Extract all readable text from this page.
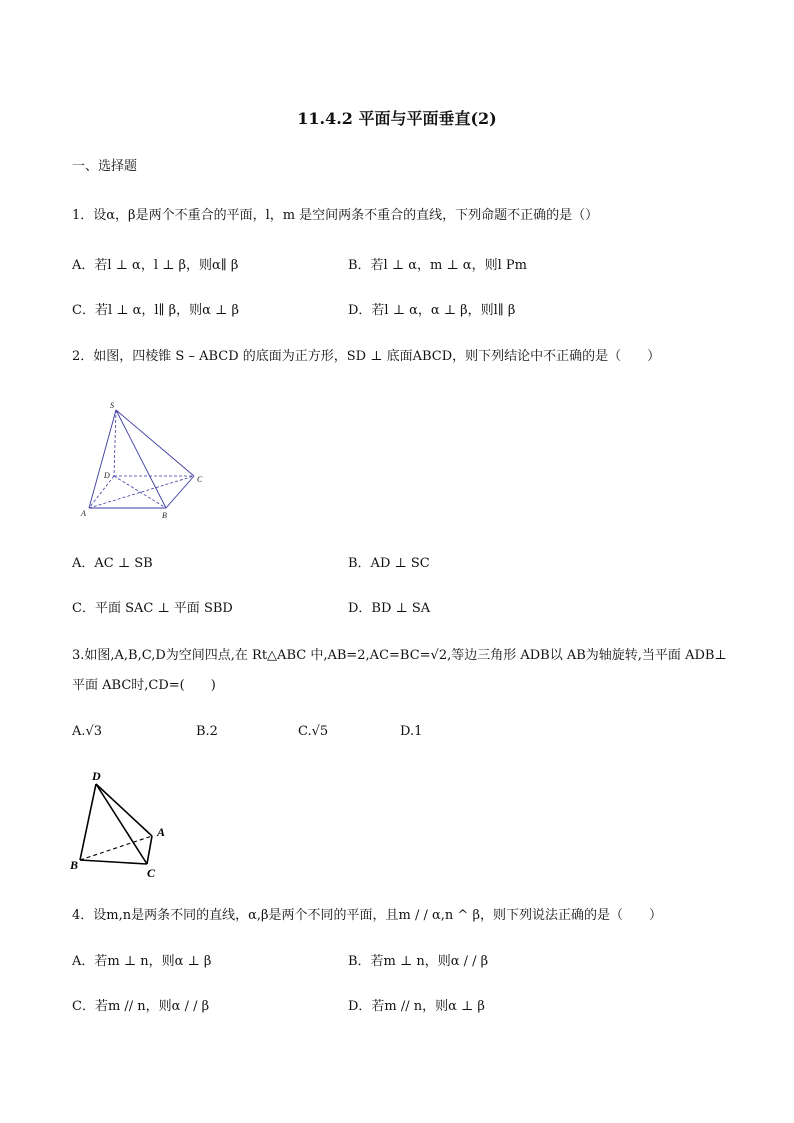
11.4.2 平面与平面垂直(2)
一、选择题
1．设α，β是两个不重合的平面，l，m 是空间两条不重合的直线，下列命题不正确的是（）
A．若l ⊥ α，l ⊥ β，则α∥ β	B．若l ⊥ α，m ⊥ α，则l Pm
C．若l ⊥ α，l∥ β，则α ⊥ β	D．若l ⊥ α，α ⊥ β，则l∥ β
2．如图，四棱锥 S – ABCD 的底面为正方形，SD ⊥ 底面ABCD，则下列结论中不正确的是（　　）
S
D	C
A	B
A．AC ⊥ SB	B．AD ⊥ SC
C．平面 SAC ⊥ 平面 SBD	D．BD ⊥ SA
3.如图,A,B,C,D为空间四点,在 Rt△ABC 中,AB=2,AC=BC=√2,等边三角形 ADB以 AB为轴旋转,当平面 ADB⊥
平面 ABC时,CD=(　　)
A.√3	B.2	C.√5	D.1
D
A
B
C
4．设m,n是两条不同的直线，α,β是两个不同的平面，且m / / α,n ^ β，则下列说法正确的是（　　）
A．若m ⊥ n，则α ⊥ β	B．若m ⊥ n，则α / / β
C．若m // n，则α / / β	D．若m // n，则α ⊥ β
